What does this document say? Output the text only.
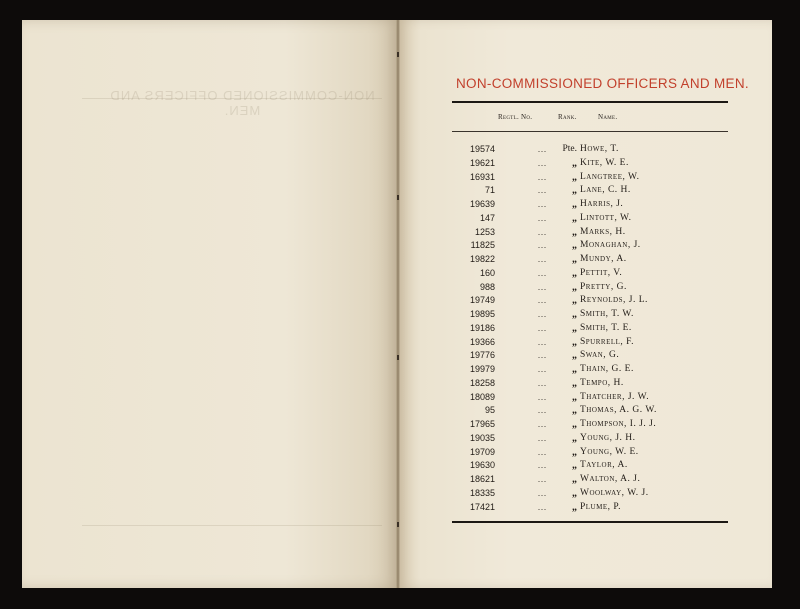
NON-COMMISSIONED OFFICERS AND MEN.
NON-COMMISSIONED OFFICERS AND MEN.
Regtl. No.	Rank.	Name.
19574	...	Pte. Howe, T.
19621	...	„ Kite, W. E.
16931	...	„ Langtree, W.
71	...	„ Lane, C. H.
19639	...	„ Harris, J.
147	...	„ Lintott, W.
1253	...	„ Marks, H.
11825	...	„ Monaghan, J.
19822	...	„ Mundy, A.
160	...	„ Pettit, V.
988	...	„ Pretty, G.
19749	...	„ Reynolds, J. L.
19895	...	„ Smith, T. W.
19186	...	„ Smith, T. E.
19366	...	„ Spurrell, F.
19776	...	„ Swan, G.
19979	...	„ Thain, G. E.
18258	...	„ Tempo, H.
18089	...	„ Thatcher, J. W.
95	...	„ Thomas, A. G. W.
17965	...	„ Thompson, I. J. J.
19035	...	„ Young, J. H.
19709	...	„ Young, W. E.
19630	...	„ Taylor, A.
18621	...	„ Walton, A. J.
18335	...	„ Woolway, W. J.
17421	...	„ Plume, P.
